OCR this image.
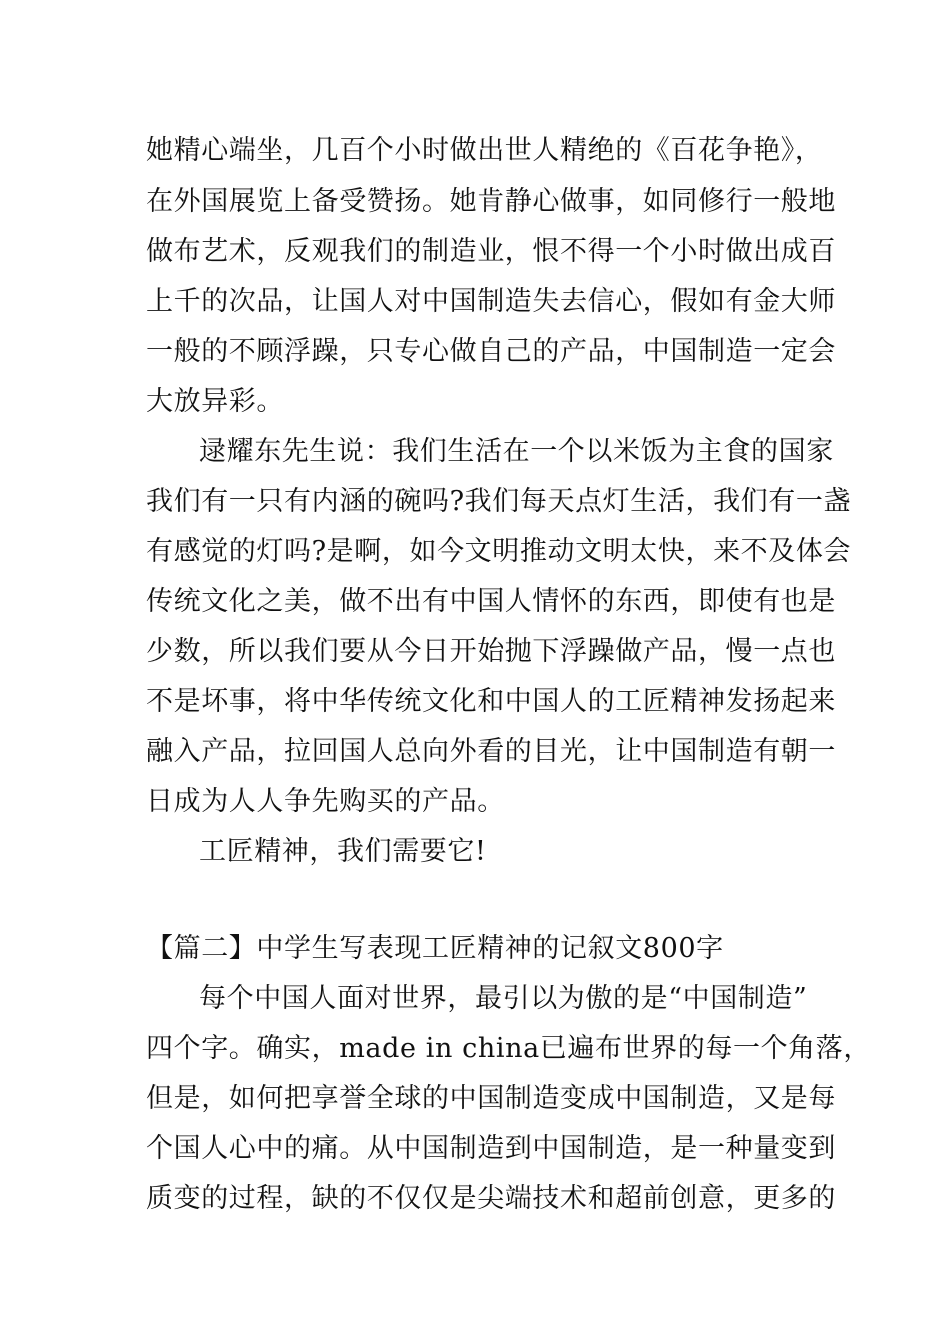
她精心端坐，几百个小时做出世人精绝的《百花争艳》，
在外国展览上备受赞扬。她肯静心做事，如同修行一般地
做布艺术，反观我们的制造业，恨不得一个小时做出成百
上千的次品，让国人对中国制造失去信心，假如有金大师
一般的不顾浮躁，只专心做自己的产品，中国制造一定会
大放异彩。
逯耀东先生说：我们生活在一个以米饭为主食的国家
我们有一只有内涵的碗吗?我们每天点灯生活，我们有一盏
有感觉的灯吗?是啊，如今文明推动文明太快，来不及体会
传统文化之美，做不出有中国人情怀的东西，即使有也是
少数，所以我们要从今日开始抛下浮躁做产品，慢一点也
不是坏事，将中华传统文化和中国人的工匠精神发扬起来
融入产品，拉回国人总向外看的目光，让中国制造有朝一
日成为人人争先购买的产品。
工匠精神，我们需要它!
【篇二】中学生写表现工匠精神的记叙文800字
每个中国人面对世界，最引以为傲的是“中国制造”
四个字。确实，made in china已遍布世界的每一个角落，
但是，如何把享誉全球的中国制造变成中国制造，又是每
个国人心中的痛。从中国制造到中国制造，是一种量变到
质变的过程，缺的不仅仅是尖端技术和超前创意，更多的
